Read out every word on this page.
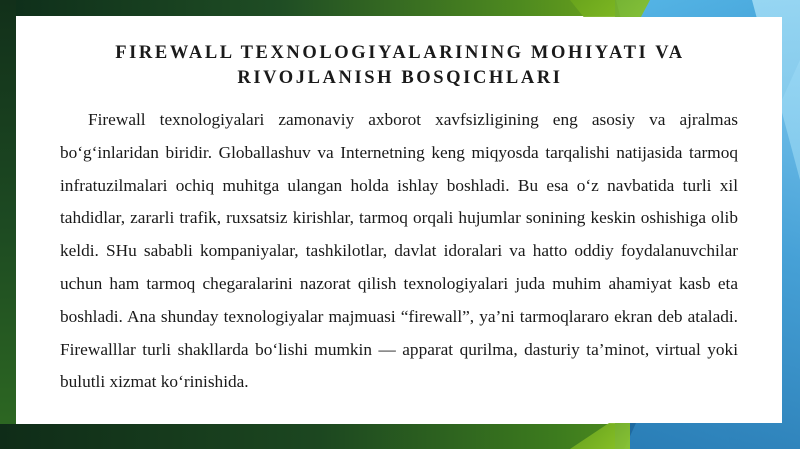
FIREWALL TEXNOLOGIYALARINING MOHIYATI VA
RIVOJLANISH BOSQICHLARI

Firewall texnologiyalari zamonaviy axborot xavfsizligining eng asosiy va ajralmas bo‘g‘inlaridan biridir. Globallashuv va Internetning keng miqyosda tarqalishi natijasida tarmoq infratuzilmalari ochiq muhitga ulangan holda ishlay boshladi. Bu esa o‘z navbatida turli xil tahdidlar, zararli trafik, ruxsatsiz kirishlar, tarmoq orqali hujumlar sonining keskin oshishiga olib keldi. SHu sababli kompaniyalar, tashkilotlar, davlat idoralari va hatto oddiy foydalanuvchilar uchun ham tarmoq chegaralarini nazorat qilish texnologiyalari juda muhim ahamiyat kasb eta boshladi. Ana shunday texnologiyalar majmuasi “firewall”, ya’ni tarmoqlararo ekran deb ataladi. Firewalllar turli shakllarda bo‘lishi mumkin — apparat qurilma, dasturiy ta’minot, virtual yoki bulutli xizmat ko‘rinishida.
